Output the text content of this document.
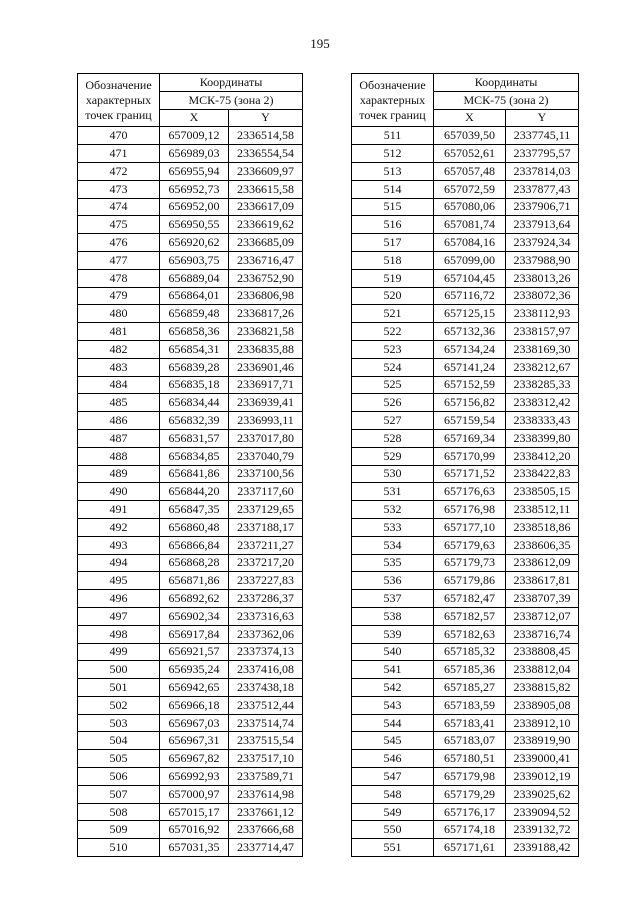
195
Обозначение
характерных
точек границ	Координаты	

	МСК-75 (зона 2)	
	X	Y
470	657009,12	2336514,58
471	656989,03	2336554,54
472	656955,94	2336609,97
473	656952,73	2336615,58
474	656952,00	2336617,09
475	656950,55	2336619,62
476	656920,62	2336685,09
477	656903,75	2336716,47
478	656889,04	2336752,90
479	656864,01	2336806,98
480	656859,48	2336817,26
481	656858,36	2336821,58
482	656854,31	2336835,88
483	656839,28	2336901,46
484	656835,18	2336917,71
485	656834,44	2336939,41
486	656832,39	2336993,11
487	656831,57	2337017,80
488	656834,85	2337040,79
489	656841,86	2337100,56
490	656844,20	2337117,60
491	656847,35	2337129,65
492	656860,48	2337188,17
493	656866,84	2337211,27
494	656868,28	2337217,20
495	656871,86	2337227,83
496	656892,62	2337286,37
497	656902,34	2337316,63
498	656917,84	2337362,06
499	656921,57	2337374,13
500	656935,24	2337416,08
501	656942,65	2337438,18
502	656966,18	2337512,44
503	656967,03	2337514,74
504	656967,31	2337515,54
505	656967,82	2337517,10
506	656992,93	2337589,71
507	657000,97	2337614,98
508	657015,17	2337661,12
509	657016,92	2337666,68
510	657031,35	2337714,47
Обозначение
характерных
точек границ	Координаты	

	МСК-75 (зона 2)	
	X	Y
511	657039,50	2337745,11
512	657052,61	2337795,57
513	657057,48	2337814,03
514	657072,59	2337877,43
515	657080,06	2337906,71
516	657081,74	2337913,64
517	657084,16	2337924,34
518	657099,00	2337988,90
519	657104,45	2338013,26
520	657116,72	2338072,36
521	657125,15	2338112,93
522	657132,36	2338157,97
523	657134,24	2338169,30
524	657141,24	2338212,67
525	657152,59	2338285,33
526	657156,82	2338312,42
527	657159,54	2338333,43
528	657169,34	2338399,80
529	657170,99	2338412,20
530	657171,52	2338422,83
531	657176,63	2338505,15
532	657176,98	2338512,11
533	657177,10	2338518,86
534	657179,63	2338606,35
535	657179,73	2338612,09
536	657179,86	2338617,81
537	657182,47	2338707,39
538	657182,57	2338712,07
539	657182,63	2338716,74
540	657185,32	2338808,45
541	657185,36	2338812,04
542	657185,27	2338815,82
543	657183,59	2338905,08
544	657183,41	2338912,10
545	657183,07	2338919,90
546	657180,51	2339000,41
547	657179,98	2339012,19
548	657179,29	2339025,62
549	657176,17	2339094,52
550	657174,18	2339132,72
551	657171,61	2339188,42
